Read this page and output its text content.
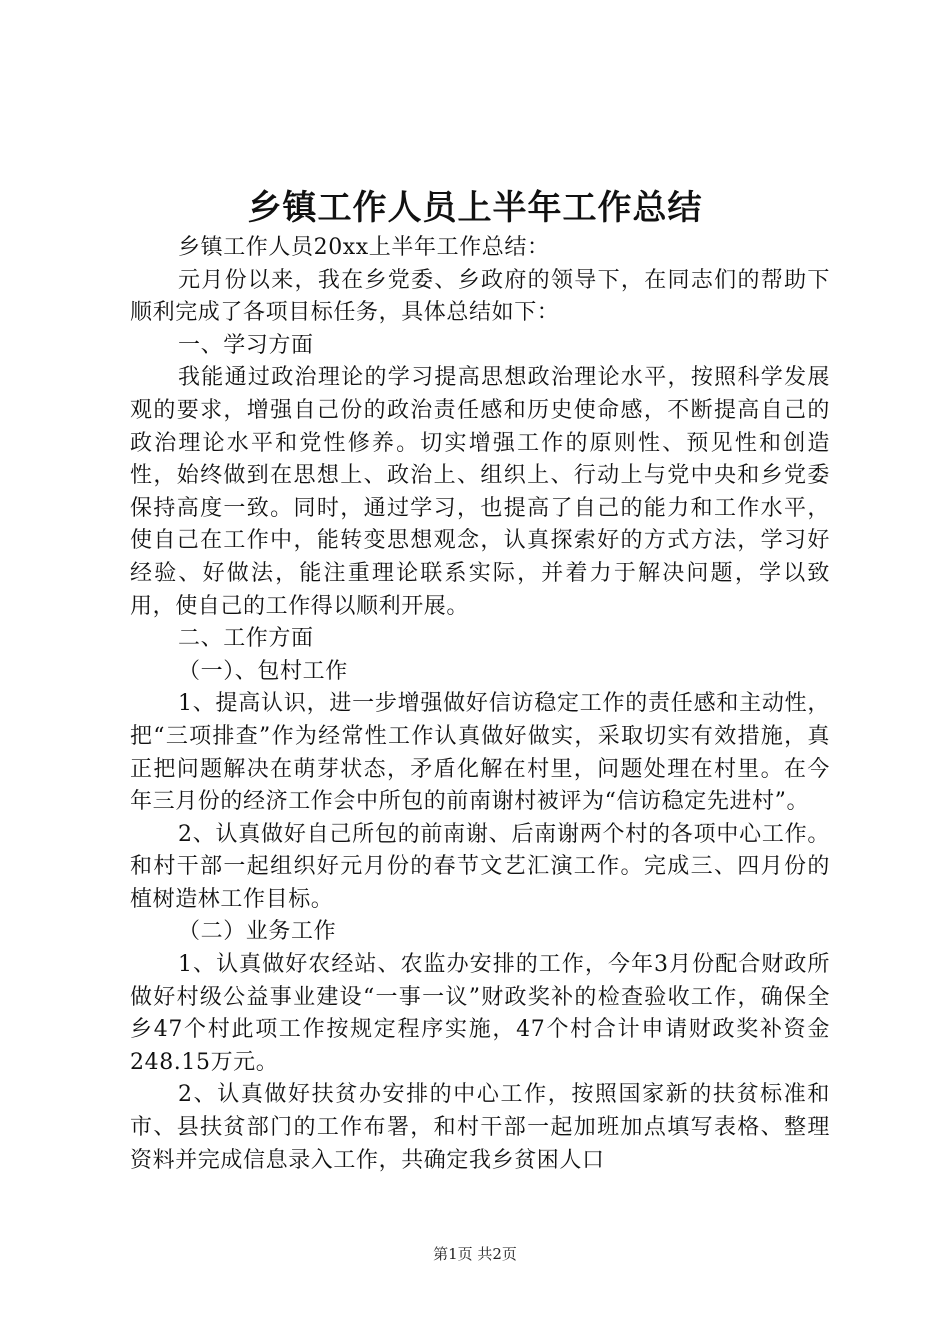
乡镇工作人员上半年工作总结

乡镇工作人员20xx上半年工作总结：

元月份以来，我在乡党委、乡政府的领导下，在同志们的帮助下顺利完成了各项目标任务，具体总结如下：

一、学习方面

我能通过政治理论的学习提高思想政治理论水平，按照科学发展观的要求，增强自己份的政治责任感和历史使命感，不断提高自己的政治理论水平和党性修养。切实增强工作的原则性、预见性和创造性，始终做到在思想上、政治上、组织上、行动上与党中央和乡党委保持高度一致。同时，通过学习，也提高了自己的能力和工作水平，使自己在工作中，能转变思想观念，认真探索好的方式方法，学习好经验、好做法，能注重理论联系实际，并着力于解决问题，学以致用，使自己的工作得以顺利开展。

二、工作方面

（一）、包村工作

1、提高认识，进一步增强做好信访稳定工作的责任感和主动性，把“三项排查”作为经常性工作认真做好做实，采取切实有效措施，真正把问题解决在萌芽状态，矛盾化解在村里，问题处理在村里。在今年三月份的经济工作会中所包的前南谢村被评为“信访稳定先进村”。

2、认真做好自己所包的前南谢、后南谢两个村的各项中心工作。和村干部一起组织好元月份的春节文艺汇演工作。完成三、四月份的植树造林工作目标。

（二）业务工作

1、认真做好农经站、农监办安排的工作，今年3月份配合财政所做好村级公益事业建设“一事一议”财政奖补的检查验收工作，确保全乡47个村此项工作按规定程序实施，47个村合计申请财政奖补资金248.15万元。

2、认真做好扶贫办安排的中心工作，按照国家新的扶贫标准和市、县扶贫部门的工作布署，和村干部一起加班加点填写表格、整理资料并完成信息录入工作，共确定我乡贫困人口

第1页 共2页
